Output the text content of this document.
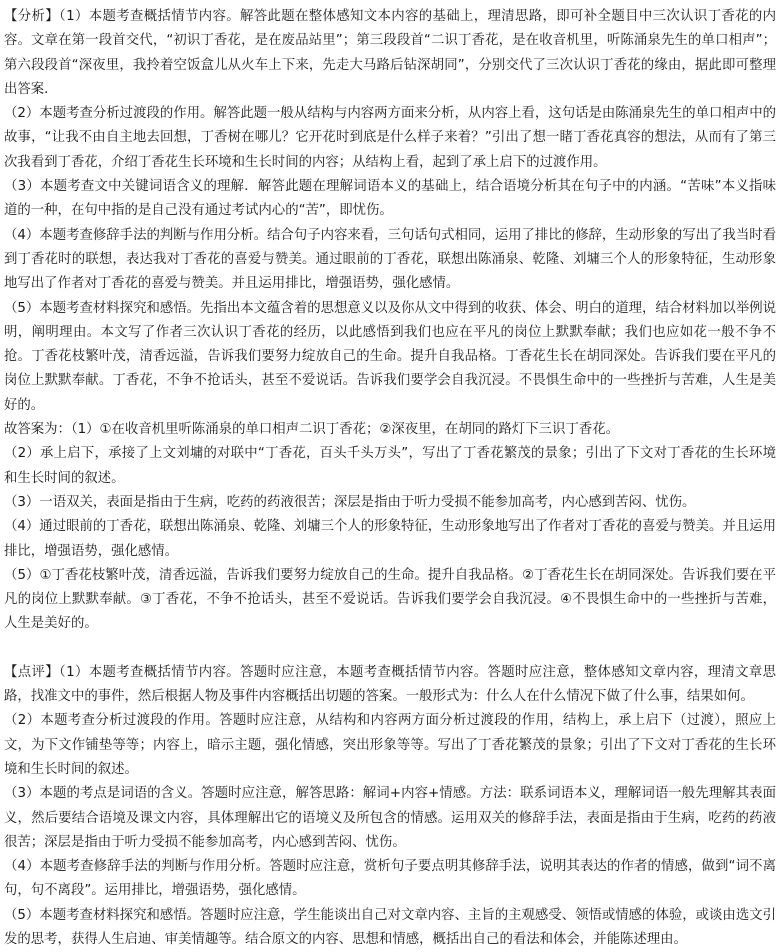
【分析】（1）本题考查概括情节内容。解答此题在整体感知文本内容的基础上，理清思路，即可补全题目中三次认识丁香花的内容。文章在第一段首交代，“初识丁香花，是在废品站里”；第三段段首“二识丁香花，是在收音机里，听陈涌泉先生的单口相声”；第六段段首“深夜里，我拎着空饭盒儿从火车上下来，先走大马路后钻深胡同”，分别交代了三次认识丁香花的缘由，据此即可整理出答案．

（2）本题考查分析过渡段的作用。解答此题一般从结构与内容两方面来分析，从内容上看，这句话是由陈涌泉先生的单口相声中的故事，“让我不由自主地去回想，丁香树在哪儿？它开花时到底是什么样子来着？”引出了想一睹丁香花真容的想法，从而有了第三次我看到丁香花，介绍丁香花生长环境和生长时间的内容；从结构上看，起到了承上启下的过渡作用。

（3）本题考查文中关键词语含义的理解．解答此题在理解词语本义的基础上，结合语境分析其在句子中的内涵。“苦味”本义指味道的一种，在句中指的是自己没有通过考试内心的“苦”，即忧伤。

（4）本题考查修辞手法的判断与作用分析。结合句子内容来看，三句话句式相同，运用了排比的修辞，生动形象的写出了我当时看到丁香花时的联想，表达我对丁香花的喜爱与赞美。通过眼前的丁香花，联想出陈涌泉、乾隆、刘墉三个人的形象特征，生动形象地写出了作者对丁香花的喜爱与赞美。并且运用排比，增强语势，强化感情。

（5）本题考查材料探究和感悟。先指出本文蕴含着的思想意义以及你从文中得到的收获、体会、明白的道理，结合材料加以举例说明，阐明理由。本文写了作者三次认识丁香花的经历，以此感悟到我们也应在平凡的岗位上默默奉献；我们也应如花一般不争不抢。丁香花枝繁叶茂，清香远溢，告诉我们要努力绽放自己的生命。提升自我品格。丁香花生长在胡同深处。告诉我们要在平凡的岗位上默默奉献。丁香花，不争不抢话头，甚至不爱说话。告诉我们要学会自我沉浸。不畏惧生命中的一些挫折与苦难，人生是美好的。

故答案为：（1）①在收音机里听陈涌泉的单口相声二识丁香花；②深夜里，在胡同的路灯下三识丁香花。

（2）承上启下，承接了上文刘墉的对联中“丁香花，百头千头万头”，写出了丁香花繁茂的景象；引出了下文对丁香花的生长环境和生长时间的叙述。

（3）一语双关，表面是指由于生病，吃药的药液很苦；深层是指由于听力受损不能参加高考，内心感到苦闷、忧伤。

（4）通过眼前的丁香花，联想出陈涌泉、乾隆、刘墉三个人的形象特征，生动形象地写出了作者对丁香花的喜爱与赞美。并且运用排比，增强语势，强化感情。

（5）①丁香花枝繁叶茂，清香远溢，告诉我们要努力绽放自己的生命。提升自我品格。②丁香花生长在胡同深处。告诉我们要在平凡的岗位上默默奉献。③丁香花，不争不抢话头，甚至不爱说话。告诉我们要学会自我沉浸。④不畏惧生命中的一些挫折与苦难，人生是美好的。

【点评】（1）本题考查概括情节内容。答题时应注意，本题考查概括情节内容。答题时应注意，整体感知文章内容，理清文章思路，找准文中的事件，然后根据人物及事件内容概括出切题的答案。一般形式为：什么人在什么情况下做了什么事，结果如何。

（2）本题考查分析过渡段的作用。答题时应注意，从结构和内容两方面分析过渡段的作用，结构上，承上启下（过渡），照应上文，为下文作铺垫等等；内容上，暗示主题，强化情感，突出形象等等。写出了丁香花繁茂的景象；引出了下文对丁香花的生长环境和生长时间的叙述。

（3）本题的考点是词语的含义。答题时应注意，解答思路：解词+内容+情感。方法：联系词语本义，理解词语一般先理解其表面义，然后要结合语境及课文内容，具体理解出它的语境义及所包含的情感。运用双关的修辞手法，表面是指由于生病，吃药的药液很苦；深层是指由于听力受损不能参加高考，内心感到苦闷、忧伤。

（4）本题考查修辞手法的判断与作用分析。答题时应注意，赏析句子要点明其修辞手法，说明其表达的作者的情感，做到“词不离句，句不离段”。运用排比，增强语势，强化感情。

（5）本题考查材料探究和感悟。答题时应注意，学生能谈出自己对文章内容、主旨的主观感受、领悟或情感的体验，或谈由选文引发的思考，获得人生启迪、审美情趣等。结合原文的内容、思想和情感，概括出自己的看法和体会，并能陈述理由。
